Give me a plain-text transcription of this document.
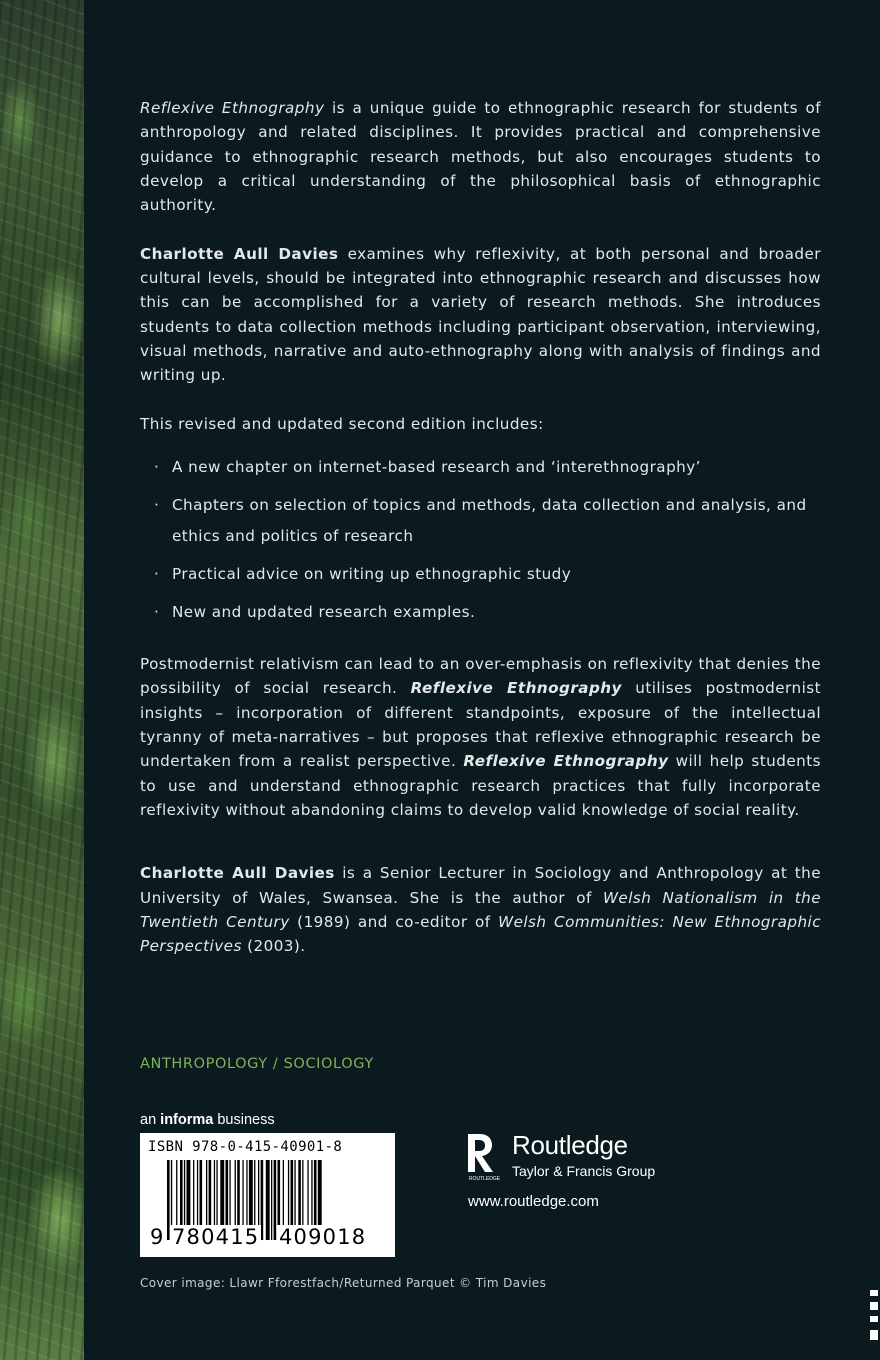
Reflexive Ethnography is a unique guide to ethnographic research for students of anthropology and related disciplines. It provides practical and comprehensive guidance to ethnographic research methods, but also encourages students to develop a critical understanding of the philosophical basis of ethnographic authority.

Charlotte Aull Davies examines why reflexivity, at both personal and broader cultural levels, should be integrated into ethnographic research and discusses how this can be accomplished for a variety of research methods. She introduces students to data collection methods including participant observation, interviewing, visual methods, narrative and auto-ethnography along with analysis of findings and writing up.

This revised and updated second edition includes:

· A new chapter on internet-based research and ‘interethnography’
· Chapters on selection of topics and methods, data collection and analysis, and ethics and politics of research
· Practical advice on writing up ethnographic study
· New and updated research examples.

Postmodernist relativism can lead to an over-emphasis on reflexivity that denies the possibility of social research. Reflexive Ethnography utilises postmodernist insights – incorporation of different standpoints, exposure of the intellectual tyranny of meta-narratives – but proposes that reflexive ethnographic research be undertaken from a realist perspective. Reflexive Ethnography will help students to use and understand ethnographic research practices that fully incorporate reflexivity without abandoning claims to develop valid knowledge of social reality.

Charlotte Aull Davies is a Senior Lecturer in Sociology and Anthropology at the University of Wales, Swansea. She is the author of Welsh Nationalism in the Twentieth Century (1989) and co-editor of Welsh Communities: New Ethnographic Perspectives (2003).

ANTHROPOLOGY / SOCIOLOGY
an informa business
ISBN 978-0-415-40901-8
9 780415 409018
ROUTLEDGE
Routledge
Taylor & Francis Group
www.routledge.com
Cover image: Llawr Fforestfach/Returned Parquet © Tim Davies
